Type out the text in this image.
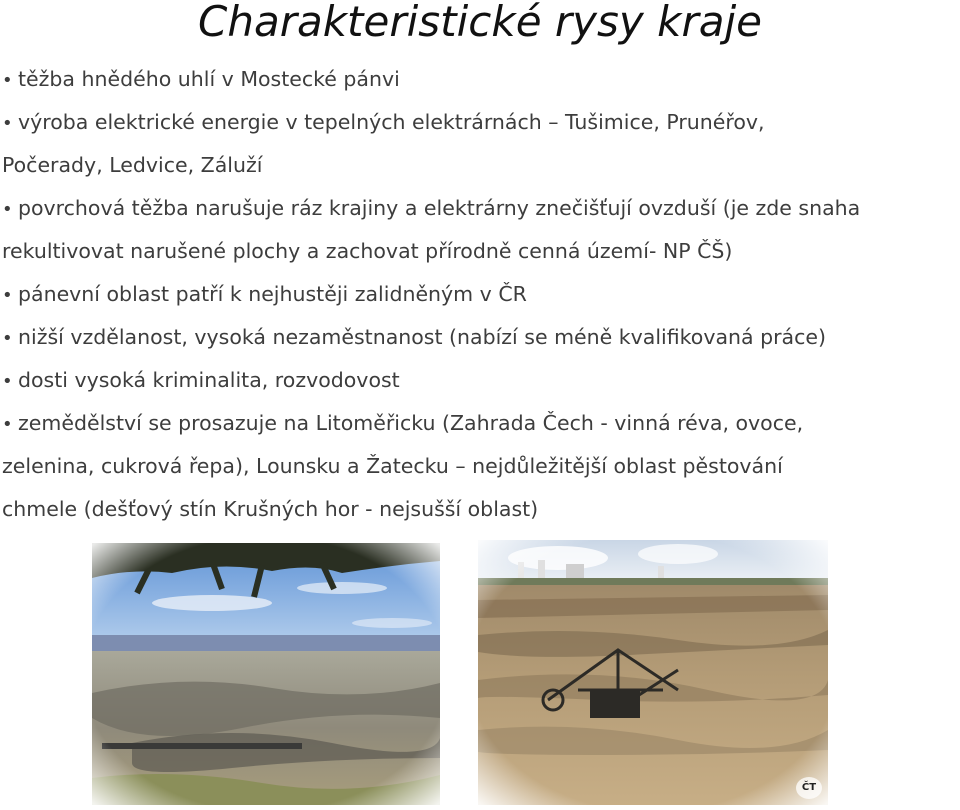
Charakteristické rysy kraje
• těžba hnědého uhlí v Mostecké pánvi
• výroba elektrické energie v tepelných elektrárnách – Tušimice, Prunéřov,
Počerady, Ledvice, Záluží
• povrchová těžba narušuje ráz krajiny a elektrárny znečišťují ovzduší (je zde snaha
rekultivovat narušené plochy a zachovat přírodně cenná území- NP ČŠ)
• pánevní oblast patří k nejhustěji zalidněným v ČR
• nižší vzdělanost, vysoká nezaměstnanost (nabízí se méně kvalifikovaná práce)
• dosti vysoká kriminalita, rozvodovost
• zemědělství se prosazuje na Litoměřicku (Zahrada Čech - vinná réva, ovoce,
zelenina, cukrová řepa), Lounsku a Žatecku – nejdůležitější oblast pěstování
chmele (dešťový stín Krušných hor - nejsušší oblast)
ČT
